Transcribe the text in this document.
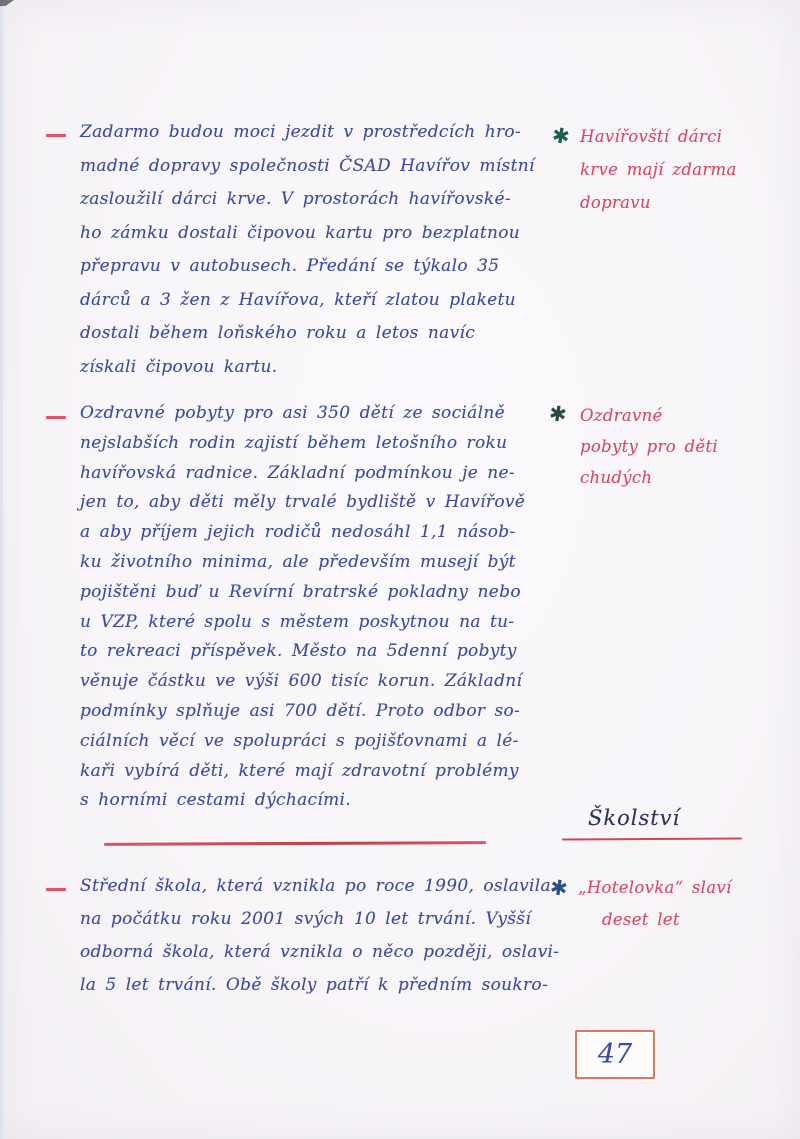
— Zadarmo budou moci jezdit v prostředcích hro-
madné dopravy společnosti ČSAD Havířov místní
zasloužilí dárci krve. V prostorách havířovské-
ho zámku dostali čipovou kartu pro bezplatnou
přepravu v autobusech. Předání se týkalo 35
dárců a 3 žen z Havířova, kteří zlatou plaketu
dostali během loňského roku a letos navíc
získali čipovou kartu.
✱ Havířovští dárci
krve mají zdarma
dopravu
— Ozdravné pobyty pro asi 350 dětí ze sociálně
nejslabších rodin zajistí během letošního roku
havířovská radnice. Základní podmínkou je ne-
jen to, aby děti měly trvalé bydliště v Havířově
a aby příjem jejich rodičů nedosáhl 1,1 násob-
ku životního minima, ale především musejí být
pojištěni buď u Revírní bratrské pokladny nebo
u VZP, které spolu s městem poskytnou na tu-
to rekreaci příspěvek. Město na 5denní pobyty
věnuje částku ve výši 600 tisíc korun. Základní
podmínky splňuje asi 700 dětí. Proto odbor so-
ciálních věcí ve spolupráci s pojišťovnami a lé-
kaři vybírá děti, které mají zdravotní problémy
s horními cestami dýchacími.
✱ Ozdravné
pobyty pro děti
chudých
Školství
— Střední škola, která vznikla po roce 1990, oslavila
na počátku roku 2001 svých 10 let trvání. Vyšší
odborná škola, která vznikla o něco později, oslavi-
la 5 let trvání. Obě školy patří k předním soukro-
✱ „Hotelovka“ slaví
deset let
47
